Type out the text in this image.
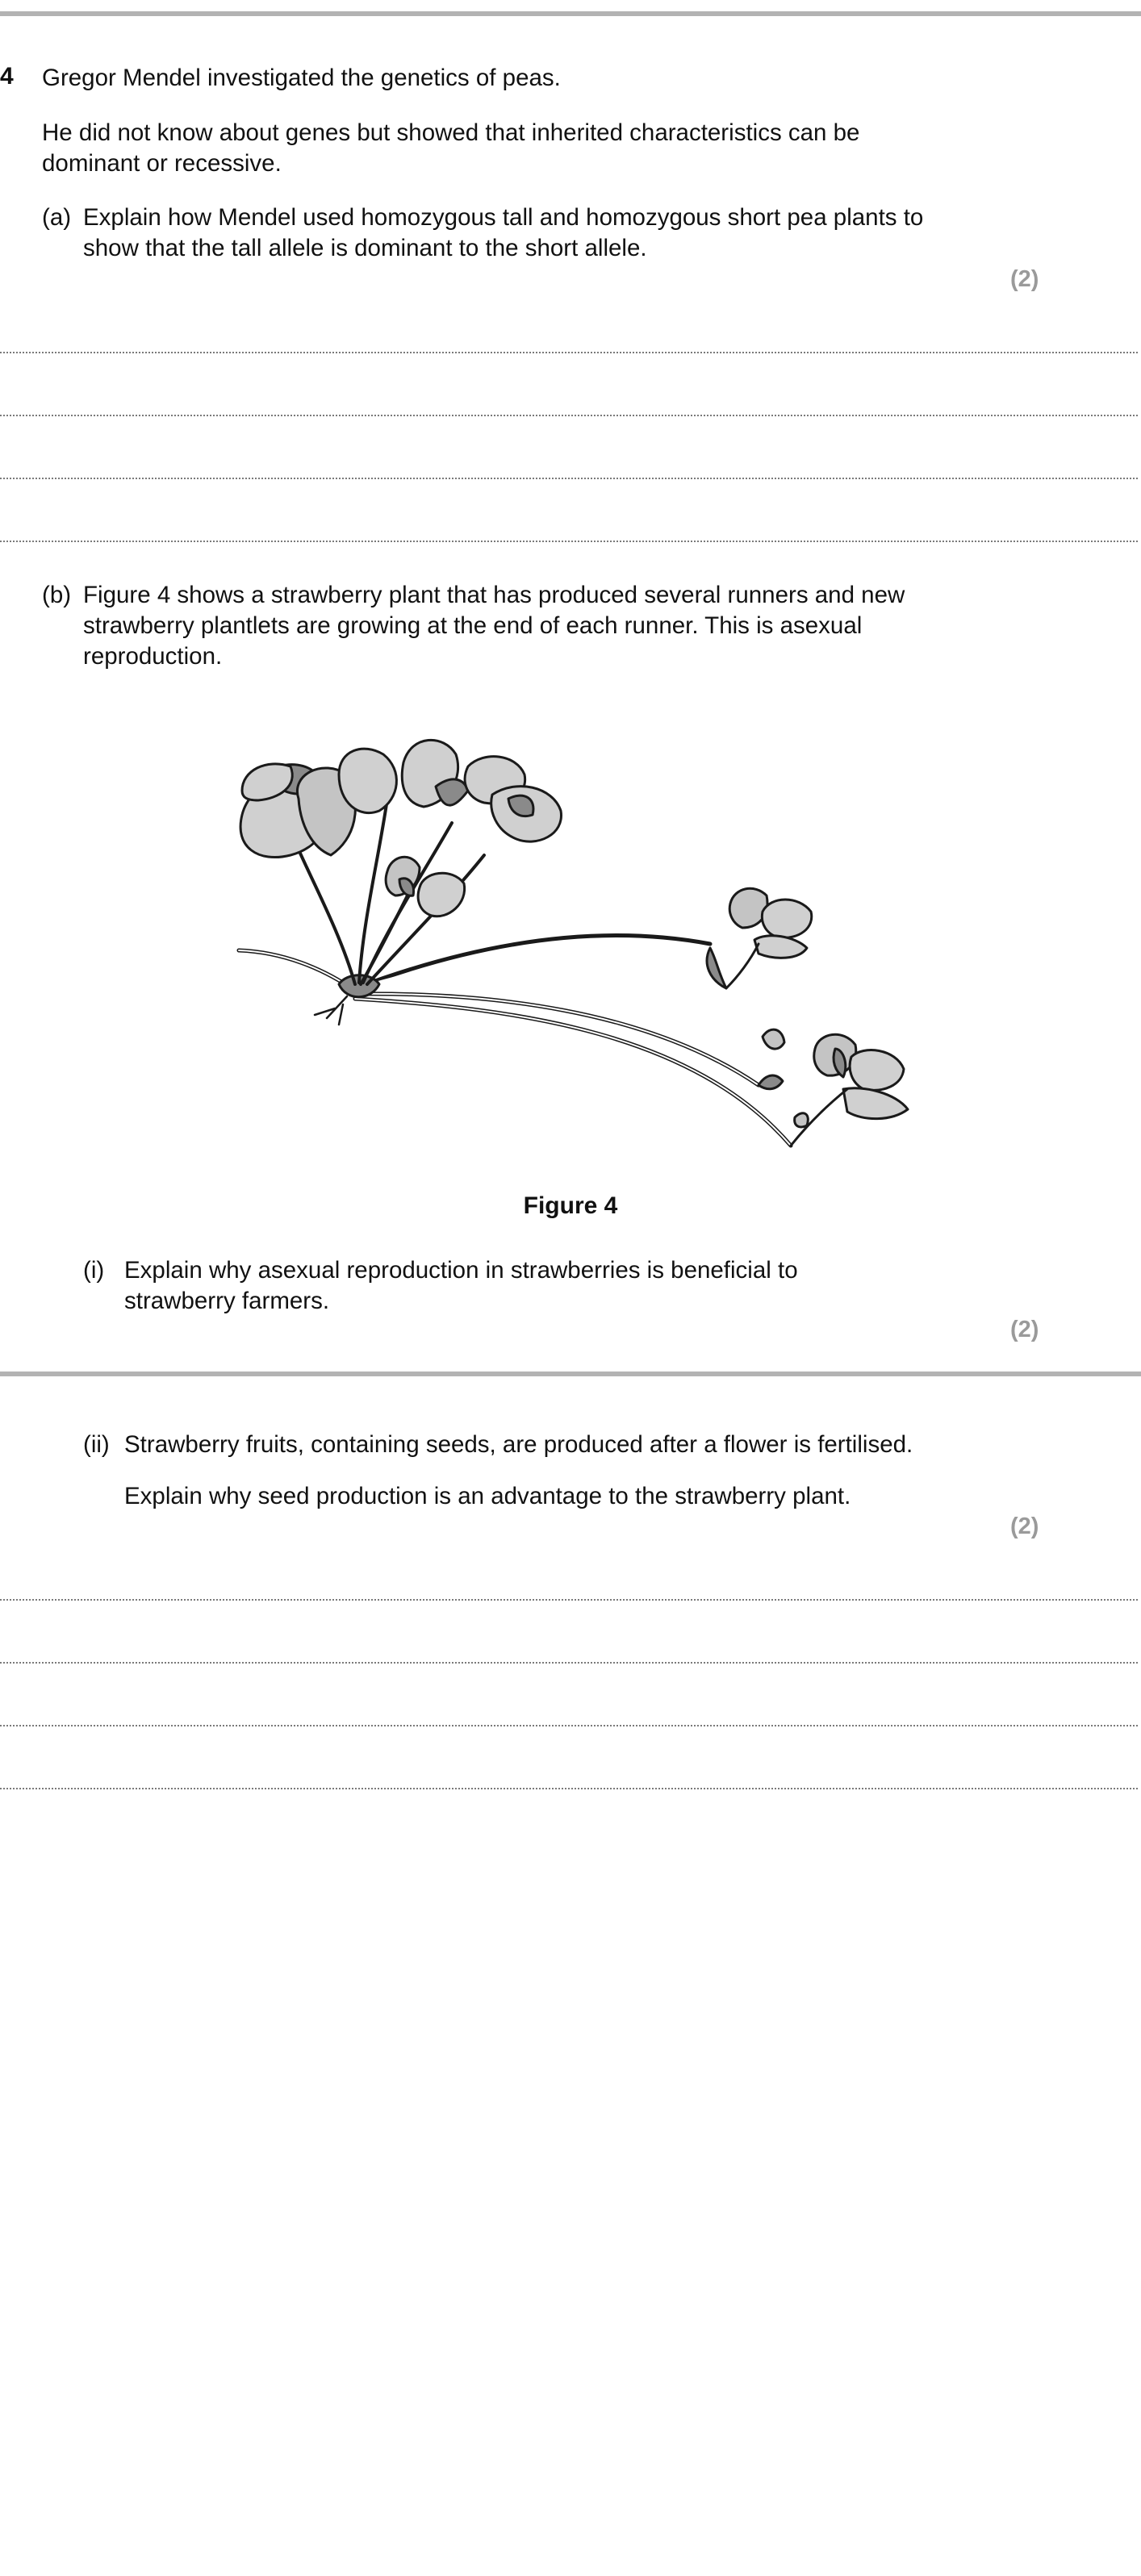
4 Gregor Mendel investigated the genetics of peas.
He did not know about genes but showed that inherited characteristics can be
dominant or recessive.
(a) Explain how Mendel used homozygous tall and homozygous short pea plants to
show that the tall allele is dominant to the short allele.
(2)
(b) Figure 4 shows a strawberry plant that has produced several runners and new
strawberry plantlets are growing at the end of each runner. This is asexual
reproduction.
Figure 4
(i) Explain why asexual reproduction in strawberries is beneficial to
strawberry farmers.
(2)
(ii) Strawberry fruits, containing seeds, are produced after a flower is fertilised.
Explain why seed production is an advantage to the strawberry plant.
(2)
